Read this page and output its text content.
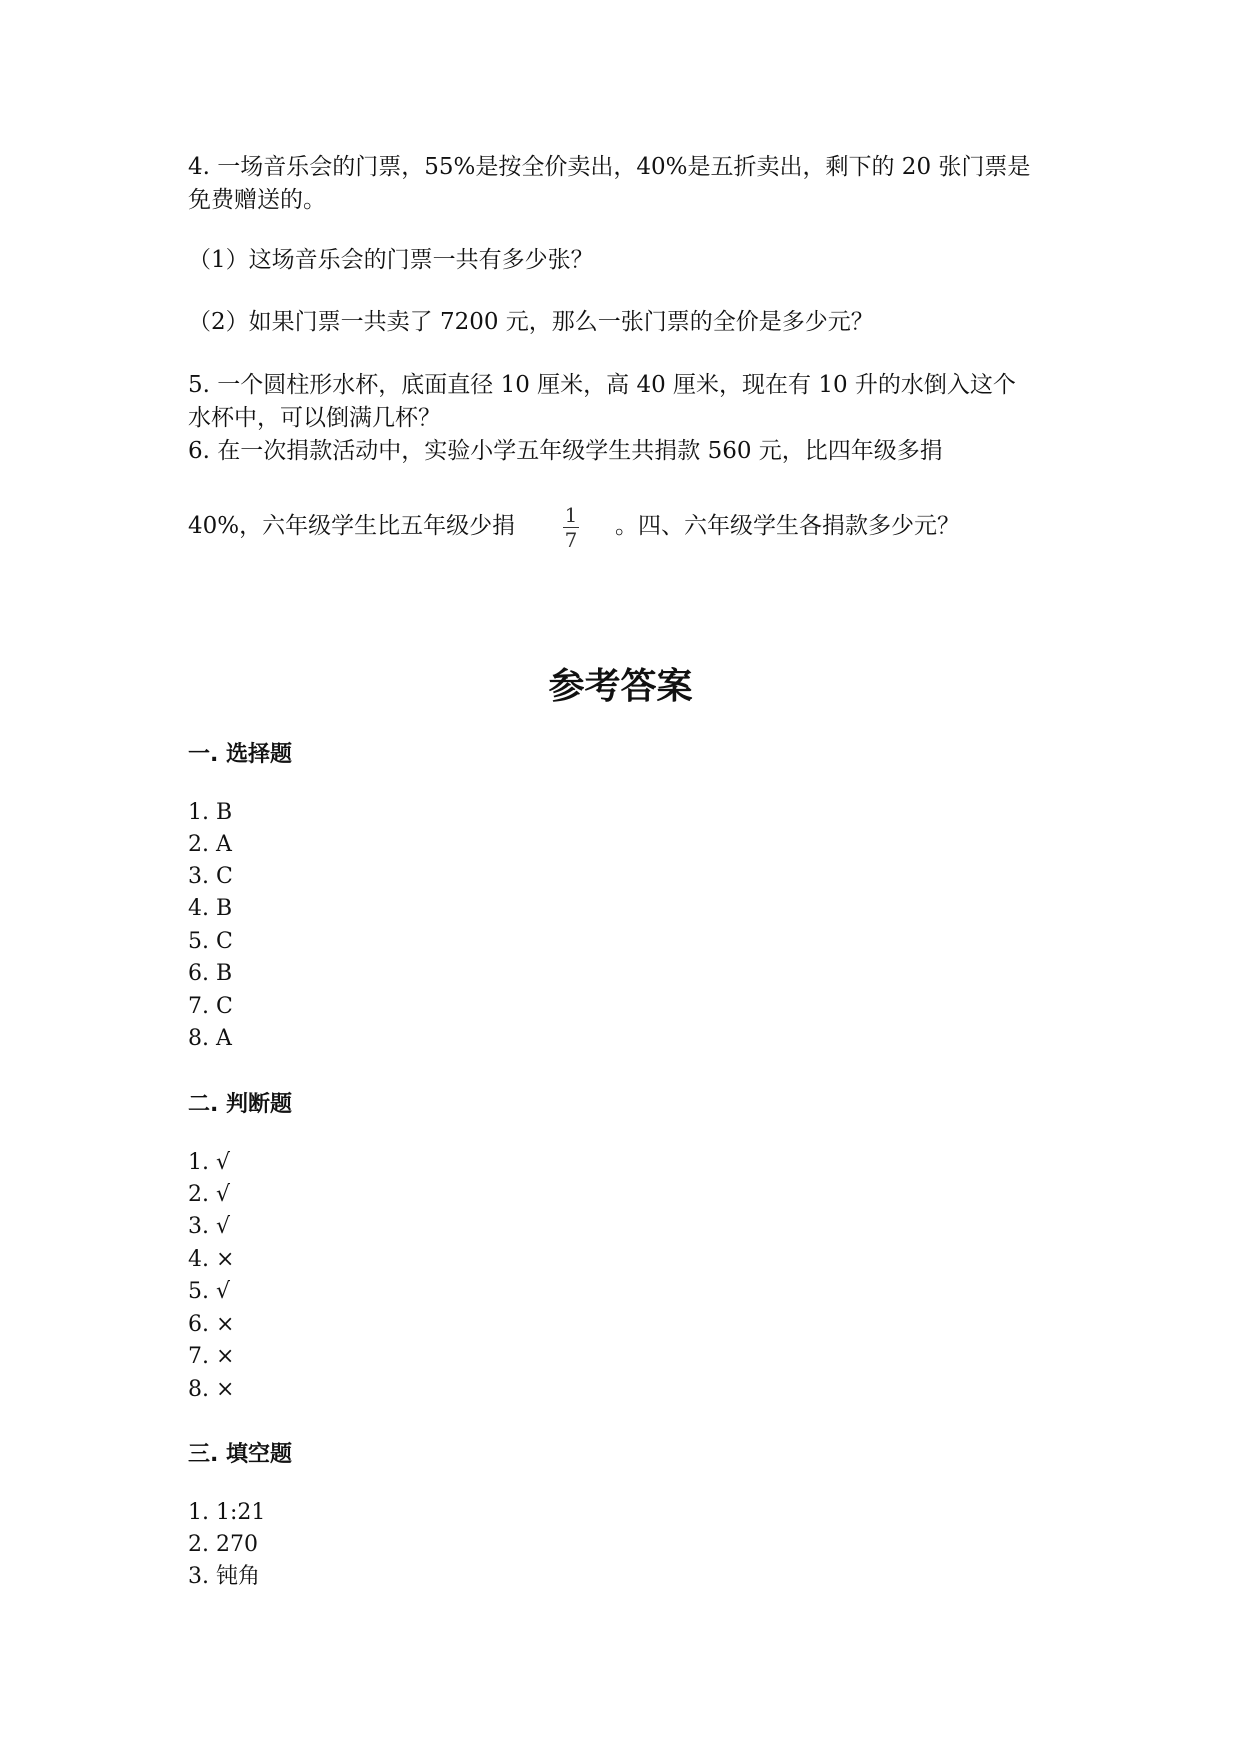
4. 一场音乐会的门票，55%是按全价卖出，40%是五折卖出，剩下的 20 张门票是
免费赠送的。
（1）这场音乐会的门票一共有多少张？
（2）如果门票一共卖了 7200 元，那么一张门票的全价是多少元？
5. 一个圆柱形水杯，底面直径 10 厘米，高 40 厘米，现在有 10 升的水倒入这个
水杯中，可以倒满几杯？
6. 在一次捐款活动中，实验小学五年级学生共捐款 560 元，比四年级多捐
40%，六年级学生比五年级少捐 1
7
。四、六年级学生各捐款多少元？
参考答案
一. 选择题
1. B
2. A
3. C
4. B
5. C
6. B
7. C
8. A
二. 判断题
1. √
2. √
3. √
4. ×
5. √
6. ×
7. ×
8. ×
三. 填空题
1. 1:21
2. 270
3. 钝角
